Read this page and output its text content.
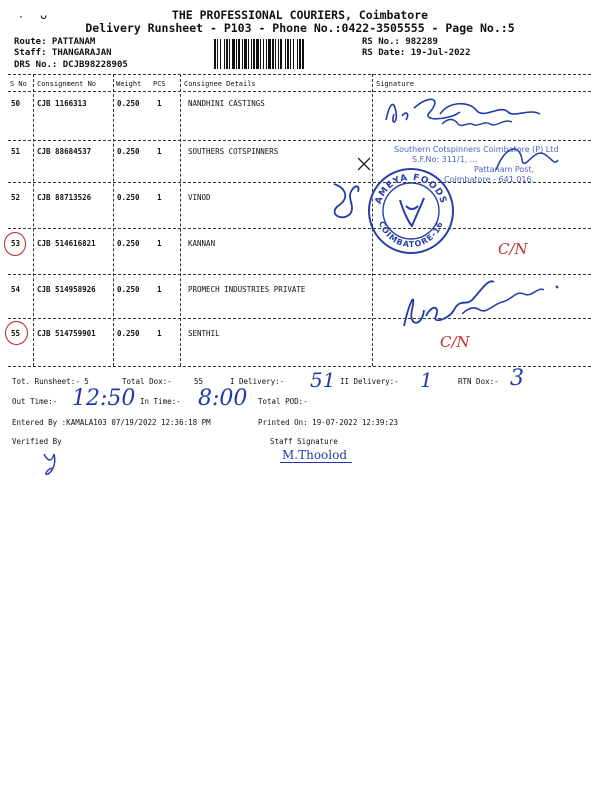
· ᴗ	THE PROFESSIONAL COURIERS, Coimbatore
Delivery Runsheet - P103 - Phone No.:0422-3505555 - Page No.:5
Route: PATTANAM
Staff: THANGARAJAN
DRS No.: DCJB98228905
RS No.: 982289
RS Date: 19-Jul-2022
S No Consignment No	Weight PCS	Consignee Details	Signature
50 CJB 1166313	0.250 1	NANDHINI CASTINGS
51 CJB 88684537	0.250 1	SOUTHERS COTSPINNERS
52 CJB 88713526	0.250 1	VINOD
53 CJB 514616821	0.250 1	KANNAN
54 CJB 514958926	0.250 1	PROMECH INDUSTRIES PRIVATE
55 CJB 514759901	0.250 1	SENTHIL
Southern Cotspinners Coimbatore (P) Ltd
S.F.No: 311/1, ...
Pattanam Post,
Coimbatore - 641 016.
AMEYA FOODS
COIMBATORE-16
C/N
C/N
Tot. Runsheet:- 5	Total Dox:-	55	I Delivery:- 51 II Delivery:- 1	RTN Dox:- 3
Out Time:- 12:50 In Time:- 8:00 Total POD:-
Entered By :KAMALA103 07/19/2022 12:36:18 PM	Printed On: 19-07-2022 12:39:23
Verified By	Staff Signature
M.Thoolod
